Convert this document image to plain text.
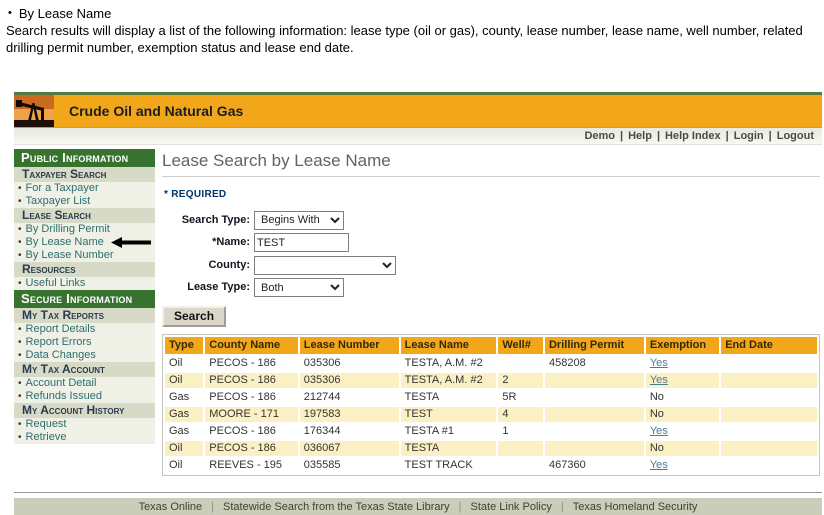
• By Lease Name
Search results will display a list of the following information: lease type (oil or gas), county, lease number, lease name, well number, related drilling permit number, exemption status and lease end date.
Crude Oil and Natural Gas
Demo | Help | Help Index | Login | Logout
Public Information
Taxpayer Search
• For a Taxpayer
• Taxpayer List
Lease Search
• By Drilling Permit
• By Lease Name
• By Lease Number
Resources
• Useful Links
Secure Information
My Tax Reports
• Report Details
• Report Errors
• Data Changes
My Tax Account
• Account Detail
• Refunds Issued
My Account History
• Request
• Retrieve
Lease Search by Lease Name
* REQUIRED
Search Type:
Begins With
*Name:
TEST
County:
Lease Type:
Both
Search
Type	County Name	Lease Number	Lease Name	Well#	Drilling Permit	Exemption	End Date
Oil	PECOS - 186	035306	TESTA, A.M. #2		458208	Yes	
Oil	PECOS - 186	035306	TESTA, A.M. #2	2		Yes	
Gas	PECOS - 186	212744	TESTA	5R		No	
Gas	MOORE - 171	197583	TEST	4		No	
Gas	PECOS - 186	176344	TESTA #1	1		Yes	
Oil	PECOS - 186	036067	TESTA			No	
Oil	REEVES - 195	035585	TEST TRACK		467360	Yes	
Texas Online | Statewide Search from the Texas State Library | State Link Policy | Texas Homeland Security
